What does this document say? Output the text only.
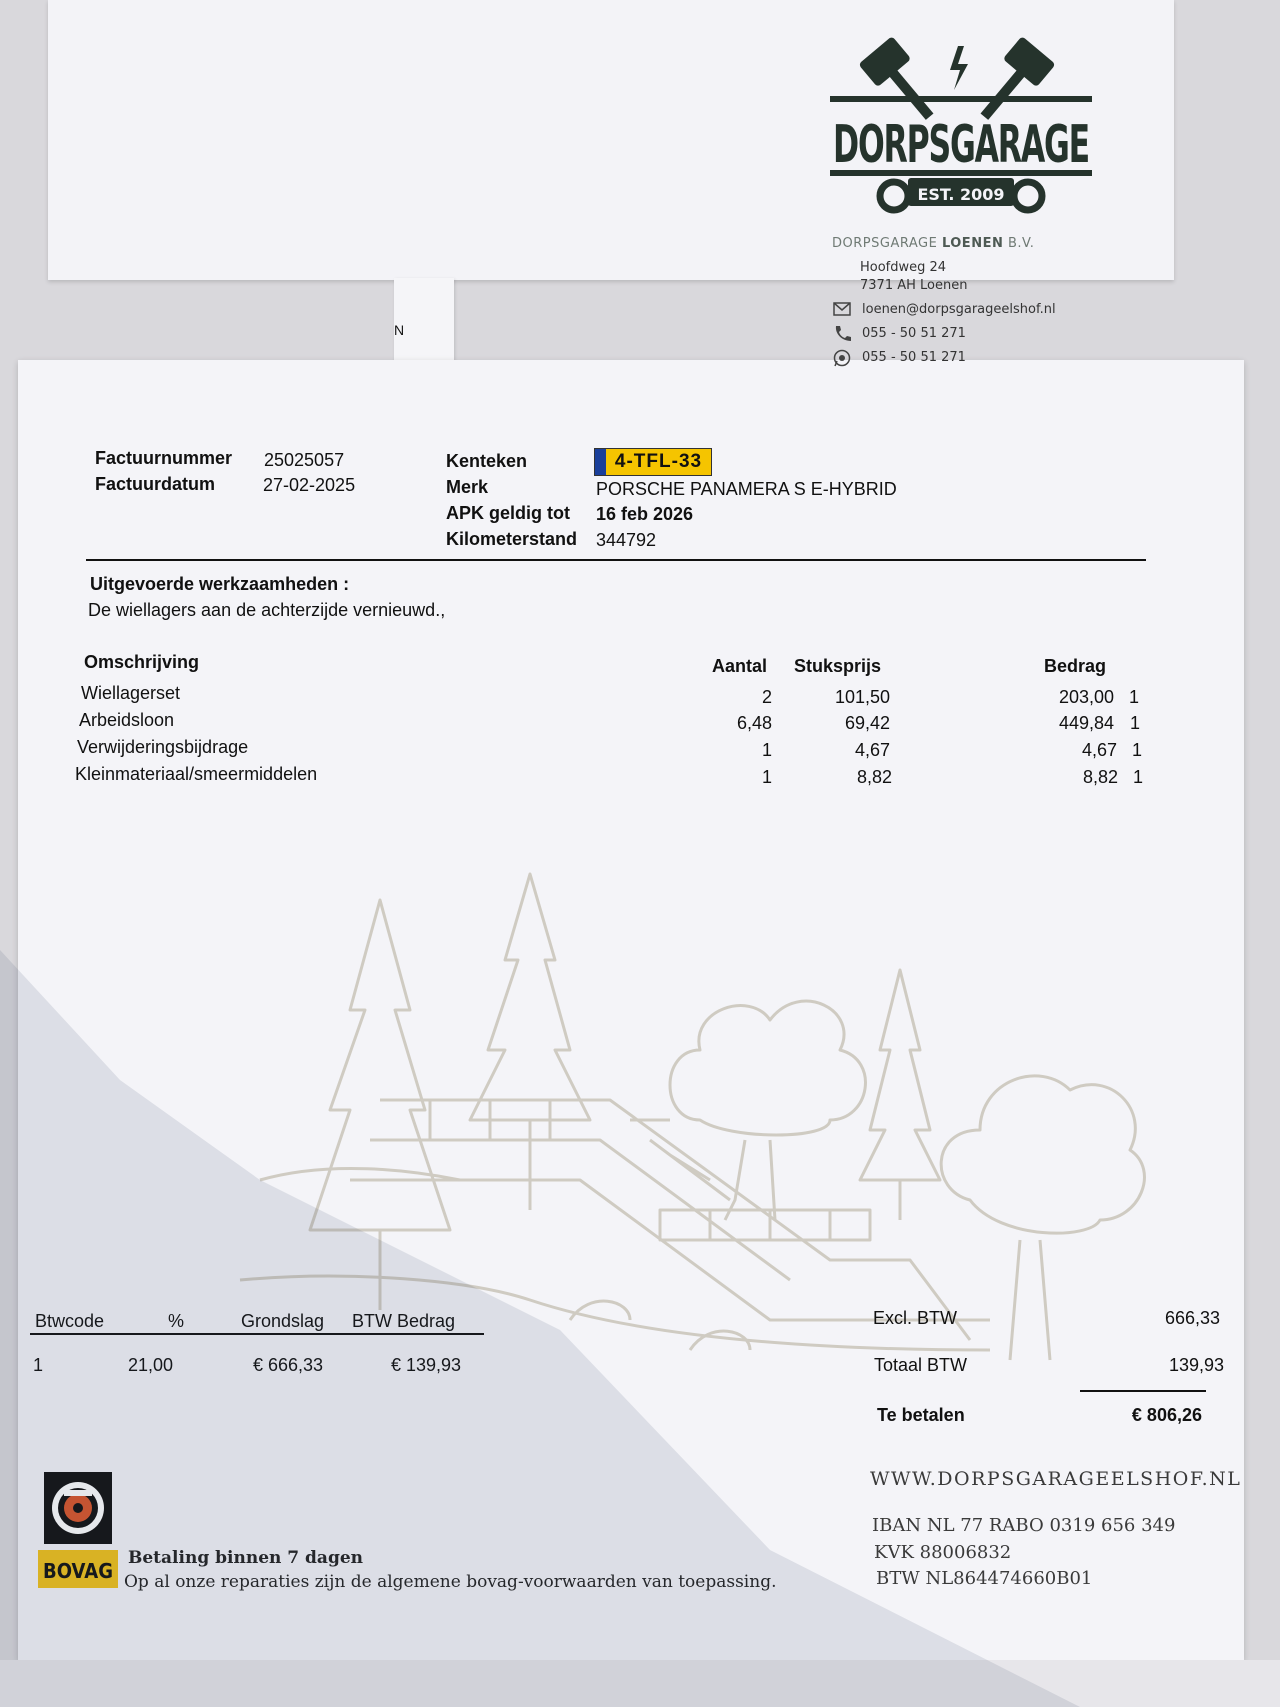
N
DORPSGARAGE
EST. 2009
DORPSGARAGE LOENEN B.V.
Hoofdweg 24
7371 AH Loenen
loenen@dorpsgarageelshof.nl
055 - 50 51 271
055 - 50 51 271
Factuurnummer 25025057
Factuurdatum	27-02-2025
Kenteken	4-TFL-33
Merk	PORSCHE PANAMERA S E-HYBRID
APK geldig tot 16 feb 2026
Kilometerstand 344792
Uitgevoerde werkzaamheden :
De wiellagers aan de achterzijde vernieuwd.,
Omschrijving	Aantal Stuksprijs	Bedrag
Wiellagerset	2	101,50	203,00 1
Arbeidsloon	6,48	69,42	449,84 1
Verwijderingsbijdrage	1	4,67	4,67 1
Kleinmateriaal/smeermiddelen	1	8,82	8,82 1
Btwcode	%	Grondslag BTW Bedrag
1	21,00	€ 666,33	€ 139,93
Excl. BTW	666,33
Totaal BTW	139,93
Te betalen	€ 806,26
WWW.DORPSGARAGEELSHOF.NL
IBAN NL 77 RABO 0319 656 349
KVK 88006832
BTW NL864474660B01
BOVAG
Betaling binnen 7 dagen
Op al onze reparaties zijn de algemene bovag-voorwaarden van toepassing.
